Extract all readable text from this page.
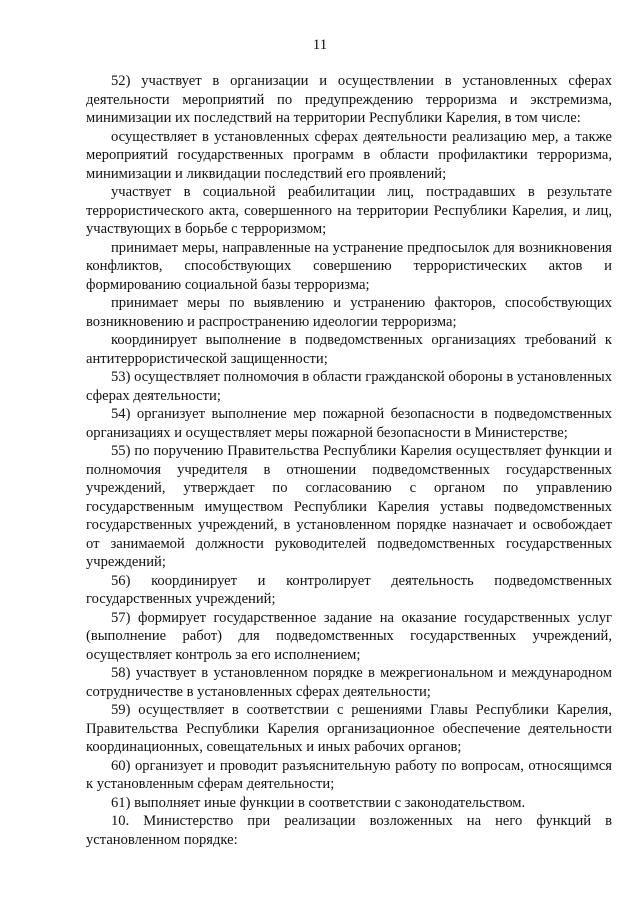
11

52) участвует в организации и осуществлении в установленных сферах деятельности мероприятий по предупреждению терроризма и экстремизма, минимизации их последствий на территории Республики Карелия, в том числе:

осуществляет в установленных сферах деятельности реализацию мер, а также мероприятий государственных программ в области профилактики терроризма, минимизации и ликвидации последствий его проявлений;

участвует в социальной реабилитации лиц, пострадавших в результате террористического акта, совершенного на территории Республики Карелия, и лиц, участвующих в борьбе с терроризмом;

принимает меры, направленные на устранение предпосылок для возникновения конфликтов, способствующих совершению террористических актов и формированию социальной базы терроризма;

принимает меры по выявлению и устранению факторов, способствующих возникновению и распространению идеологии терроризма;

координирует выполнение в подведомственных организациях требований к антитеррористической защищенности;

53) осуществляет полномочия в области гражданской обороны в установленных сферах деятельности;

54) организует выполнение мер пожарной безопасности в подведомственных организациях и осуществляет меры пожарной безопасности в Министерстве;

55) по поручению Правительства Республики Карелия осуществляет функции и полномочия учредителя в отношении подведомственных государственных учреждений, утверждает по согласованию с органом по управлению государственным имуществом Республики Карелия уставы подведомственных государственных учреждений, в установленном порядке назначает и освобождает от занимаемой должности руководителей подведомственных государственных учреждений;

56) координирует и контролирует деятельность подведомственных государственных учреждений;

57) формирует государственное задание на оказание государственных услуг (выполнение работ) для подведомственных государственных учреждений, осуществляет контроль за его исполнением;

58) участвует в установленном порядке в межрегиональном и международном сотрудничестве в установленных сферах деятельности;

59) осуществляет в соответствии с решениями Главы Республики Карелия, Правительства Республики Карелия организационное обеспечение деятельности координационных, совещательных и иных рабочих органов;

60) организует и проводит разъяснительную работу по вопросам, относящимся к установленным сферам деятельности;

61) выполняет иные функции в соответствии с законодательством.

10. Министерство при реализации возложенных на него функций в установленном порядке:
